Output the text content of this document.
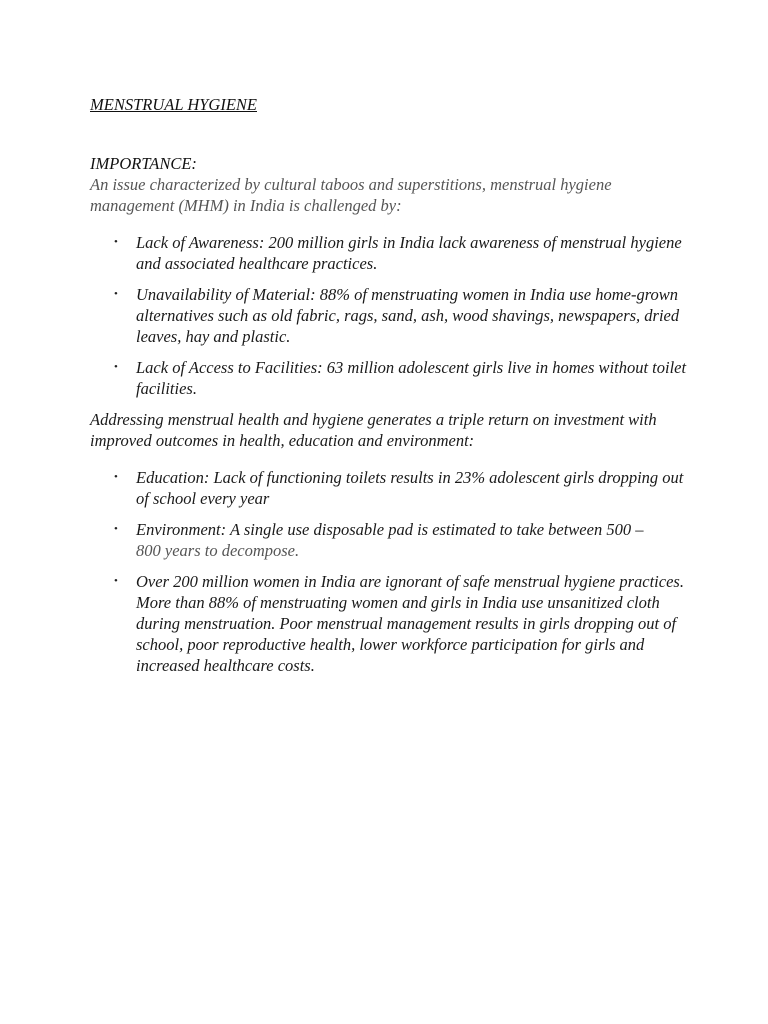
MENSTRUAL HYGIENE
IMPORTANCE:

An issue characterized by cultural taboos and superstitions, menstrual hygiene management (MHM) in India is challenged by:

• Lack of Awareness: 200 million girls in India lack awareness of menstrual hygiene and associated healthcare practices.
• Unavailability of Material: 88% of menstruating women in India use home-grown alternatives such as old fabric, rags, sand, ash, wood shavings, newspapers, dried leaves, hay and plastic.
• Lack of Access to Facilities: 63 million adolescent girls live in homes without toilet facilities.

Addressing menstrual health and hygiene generates a triple return on investment with improved outcomes in health, education and environment:

• Education: Lack of functioning toilets results in 23% adolescent girls dropping out of school every year
• Environment: A single use disposable pad is estimated to take between 500 –
800 years to decompose.
• Over 200 million women in India are ignorant of safe menstrual hygiene practices. More than 88% of menstruating women and girls in India use unsanitized cloth during menstruation. Poor menstrual management results in girls dropping out of school, poor reproductive health, lower workforce participation for girls and increased healthcare costs.
